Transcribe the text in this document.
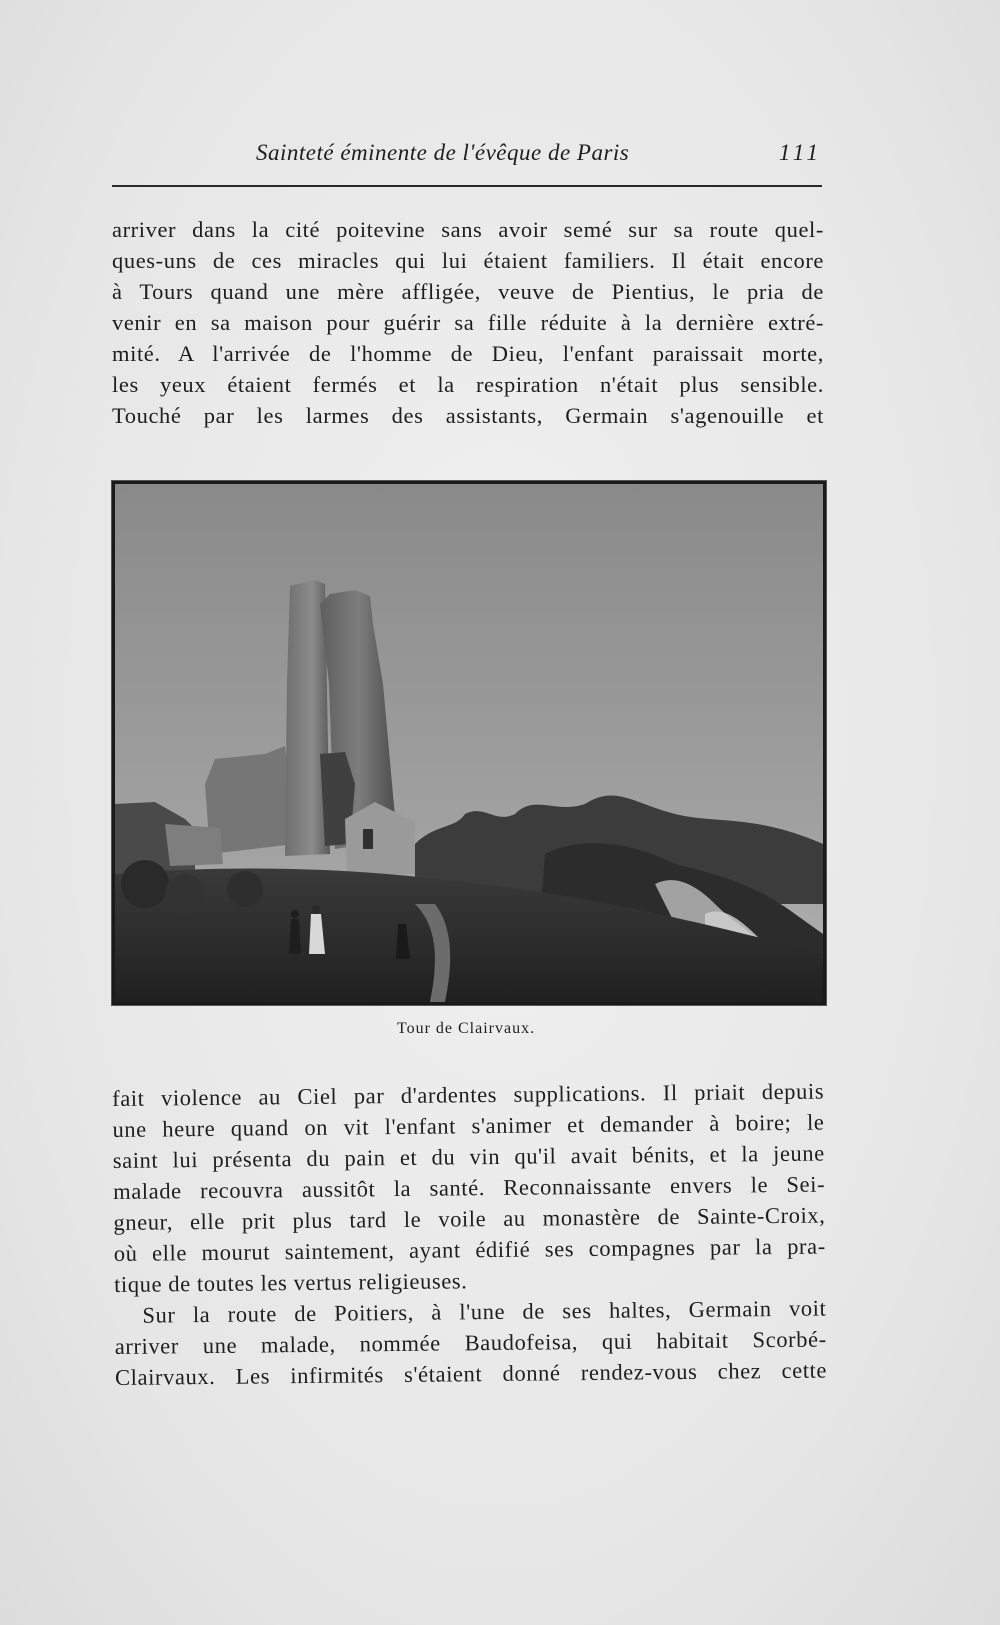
Sainteté éminente de l'évêque de Paris	111
arriver dans la cité poitevine sans avoir semé sur sa route quel-
ques-uns de ces miracles qui lui étaient familiers. Il était encore
à Tours quand une mère affligée, veuve de Pientius, le pria de
venir en sa maison pour guérir sa fille réduite à la dernière extré-
mité. A l'arrivée de l'homme de Dieu, l'enfant paraissait morte,
les yeux étaient fermés et la respiration n'était plus sensible.
Touché par les larmes des assistants, Germain s'agenouille et
Tour de Clairvaux.
fait violence au Ciel par d'ardentes supplications. Il priait depuis
une heure quand on vit l'enfant s'animer et demander à boire; le
saint lui présenta du pain et du vin qu'il avait bénits, et la jeune
malade recouvra aussitôt la santé. Reconnaissante envers le Sei-
gneur, elle prit plus tard le voile au monastère de Sainte-Croix,
où elle mourut saintement, ayant édifié ses compagnes par la pra-
tique de toutes les vertus religieuses.
Sur la route de Poitiers, à l'une de ses haltes, Germain voit
arriver une malade, nommée Baudofeisa, qui habitait Scorbé-
Clairvaux. Les infirmités s'étaient donné rendez-vous chez cette
